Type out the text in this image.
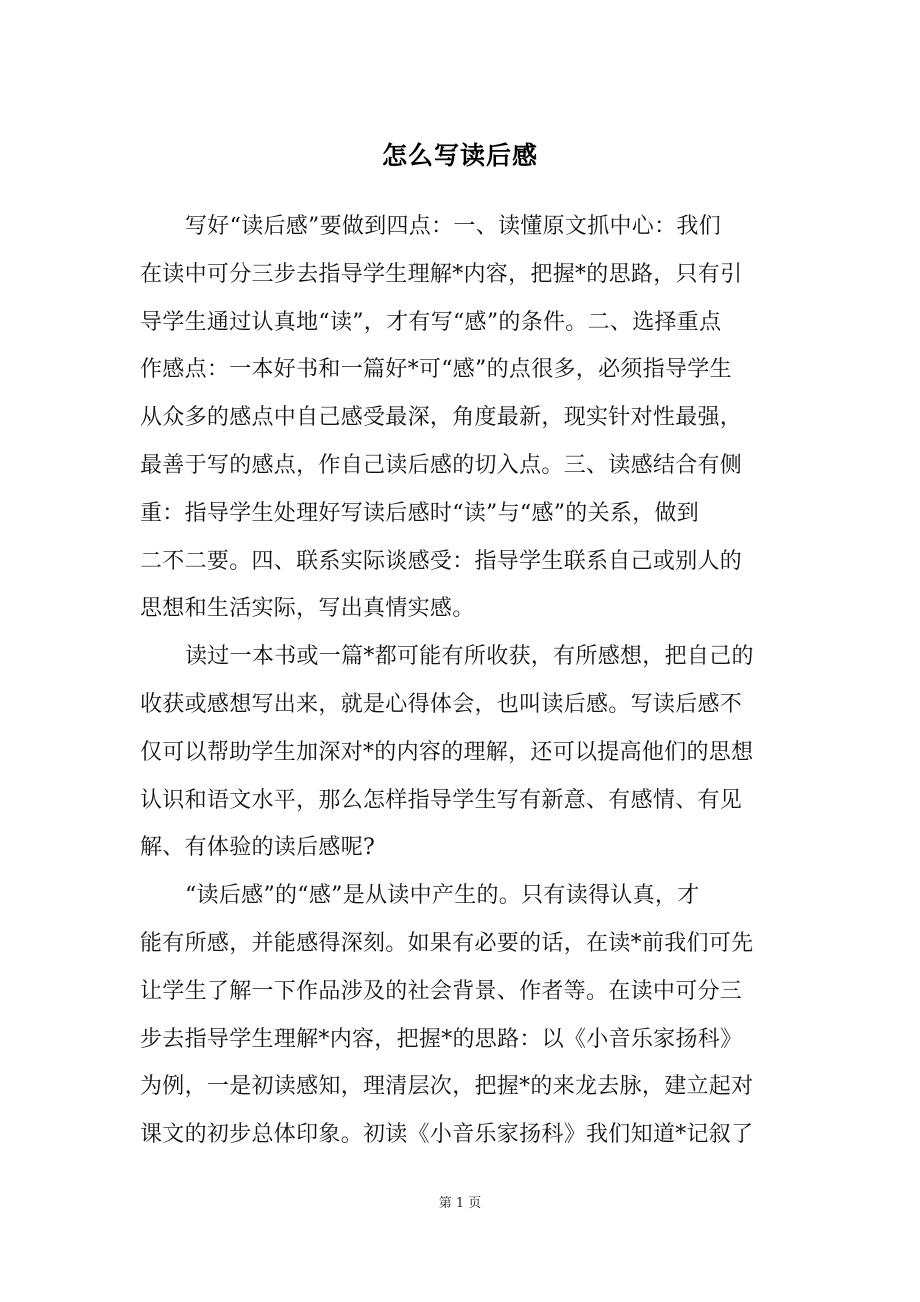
怎么写读后感
写好“读后感”要做到四点：一、读懂原文抓中心：我们
在读中可分三步去指导学生理解*内容，把握*的思路，只有引
导学生通过认真地“读”，才有写“感”的条件。二、选择重点
作感点：一本好书和一篇好*可“感”的点很多，必须指导学生
从众多的感点中自己感受最深，角度最新，现实针对性最强，
最善于写的感点，作自己读后感的切入点。三、读感结合有侧
重：指导学生处理好写读后感时“读”与“感”的关系，做到
二不二要。四、联系实际谈感受：指导学生联系自己或别人的
思想和生活实际，写出真情实感。
读过一本书或一篇*都可能有所收获，有所感想，把自己的
收获或感想写出来，就是心得体会，也叫读后感。写读后感不
仅可以帮助学生加深对*的内容的理解，还可以提高他们的思想
认识和语文水平，那么怎样指导学生写有新意、有感情、有见
解、有体验的读后感呢?
“读后感”的“感”是从读中产生的。只有读得认真，才
能有所感，并能感得深刻。如果有必要的话，在读*前我们可先
让学生了解一下作品涉及的社会背景、作者等。在读中可分三
步去指导学生理解*内容，把握*的思路：以《小音乐家扬科》
为例，一是初读感知，理清层次，把握*的来龙去脉，建立起对
课文的初步总体印象。初读《小音乐家扬科》我们知道*记叙了
第 1 页
